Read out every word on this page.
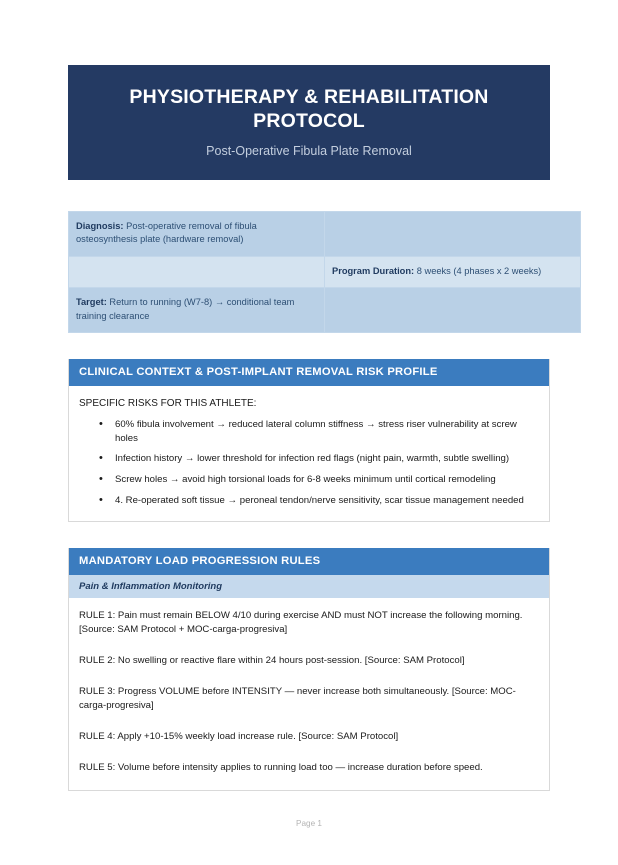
PHYSIOTHERAPY & REHABILITATION PROTOCOL
Post-Operative Fibula Plate Removal
Diagnosis: Post-operative removal of fibula osteosynthesis plate (hardware removal)	
	Program Duration: 8 weeks (4 phases x 2 weeks)
Target: Return to running (W7-8) → conditional team training clearance	
CLINICAL CONTEXT & POST-IMPLANT REMOVAL RISK PROFILE
SPECIFIC RISKS FOR THIS ATHLETE:
• 60% fibula involvement → reduced lateral column stiffness → stress riser vulnerability at screw holes
• Infection history → lower threshold for infection red flags (night pain, warmth, subtle swelling)
• Screw holes → avoid high torsional loads for 6-8 weeks minimum until cortical remodeling
• 4. Re-operated soft tissue → peroneal tendon/nerve sensitivity, scar tissue management needed
MANDATORY LOAD PROGRESSION RULES
Pain & Inflammation Monitoring
RULE 1: Pain must remain BELOW 4/10 during exercise AND must NOT increase the following morning. [Source: SAM Protocol + MOC-carga-progresiva]
RULE 2: No swelling or reactive flare within 24 hours post-session. [Source: SAM Protocol]
RULE 3: Progress VOLUME before INTENSITY — never increase both simultaneously. [Source: MOC-carga-progresiva]
RULE 4: Apply +10-15% weekly load increase rule. [Source: SAM Protocol]
RULE 5: Volume before intensity applies to running load too — increase duration before speed.
Page 1
